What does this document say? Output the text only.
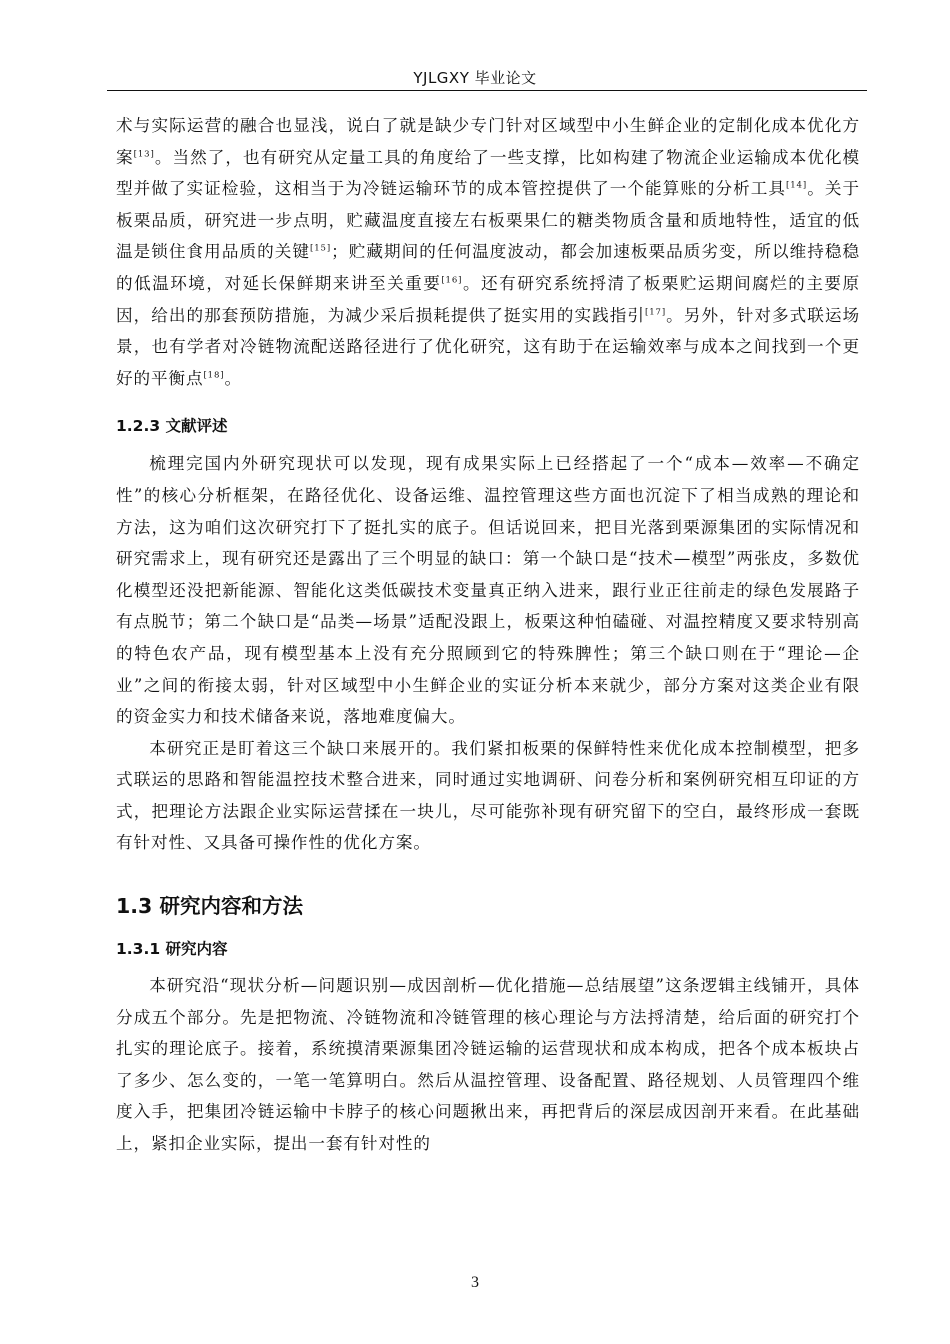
YJLGXY 毕业论文

术与实际运营的融合也显浅，说白了就是缺少专门针对区域型中小生鲜企业的定制化成本优化方案[13]。当然了，也有研究从定量工具的角度给了一些支撑，比如构建了物流企业运输成本优化模型并做了实证检验，这相当于为冷链运输环节的成本管控提供了一个能算账的分析工具[14]。关于板栗品质，研究进一步点明，贮藏温度直接左右板栗果仁的糖类物质含量和质地特性，适宜的低温是锁住食用品质的关键[15]；贮藏期间的任何温度波动，都会加速板栗品质劣变，所以维持稳稳的低温环境，对延长保鲜期来讲至关重要[16]。还有研究系统捋清了板栗贮运期间腐烂的主要原因，给出的那套预防措施，为减少采后损耗提供了挺实用的实践指引[17]。另外，针对多式联运场景，也有学者对冷链物流配送路径进行了优化研究，这有助于在运输效率与成本之间找到一个更好的平衡点[18]。

1.2.3 文献评述

梳理完国内外研究现状可以发现，现有成果实际上已经搭起了一个“成本—效率—不确定性”的核心分析框架，在路径优化、设备运维、温控管理这些方面也沉淀下了相当成熟的理论和方法，这为咱们这次研究打下了挺扎实的底子。但话说回来，把目光落到栗源集团的实际情况和研究需求上，现有研究还是露出了三个明显的缺口：第一个缺口是“技术—模型”两张皮，多数优化模型还没把新能源、智能化这类低碳技术变量真正纳入进来，跟行业正往前走的绿色发展路子有点脱节；第二个缺口是“品类—场景”适配没跟上，板栗这种怕磕碰、对温控精度又要求特别高的特色农产品，现有模型基本上没有充分照顾到它的特殊脾性；第三个缺口则在于“理论—企业”之间的衔接太弱，针对区域型中小生鲜企业的实证分析本来就少，部分方案对这类企业有限的资金实力和技术储备来说，落地难度偏大。

本研究正是盯着这三个缺口来展开的。我们紧扣板栗的保鲜特性来优化成本控制模型，把多式联运的思路和智能温控技术整合进来，同时通过实地调研、问卷分析和案例研究相互印证的方式，把理论方法跟企业实际运营揉在一块儿，尽可能弥补现有研究留下的空白，最终形成一套既有针对性、又具备可操作性的优化方案。

1.3 研究内容和方法
1.3.1 研究内容

本研究沿“现状分析—问题识别—成因剖析—优化措施—总结展望”这条逻辑主线铺开，具体分成五个部分。先是把物流、冷链物流和冷链管理的核心理论与方法捋清楚，给后面的研究打个扎实的理论底子。接着，系统摸清栗源集团冷链运输的运营现状和成本构成，把各个成本板块占了多少、怎么变的，一笔一笔算明白。然后从温控管理、设备配置、路径规划、人员管理四个维度入手，把集团冷链运输中卡脖子的核心问题揪出来，再把背后的深层成因剖开来看。在此基础上，紧扣企业实际，提出一套有针对性的

3
